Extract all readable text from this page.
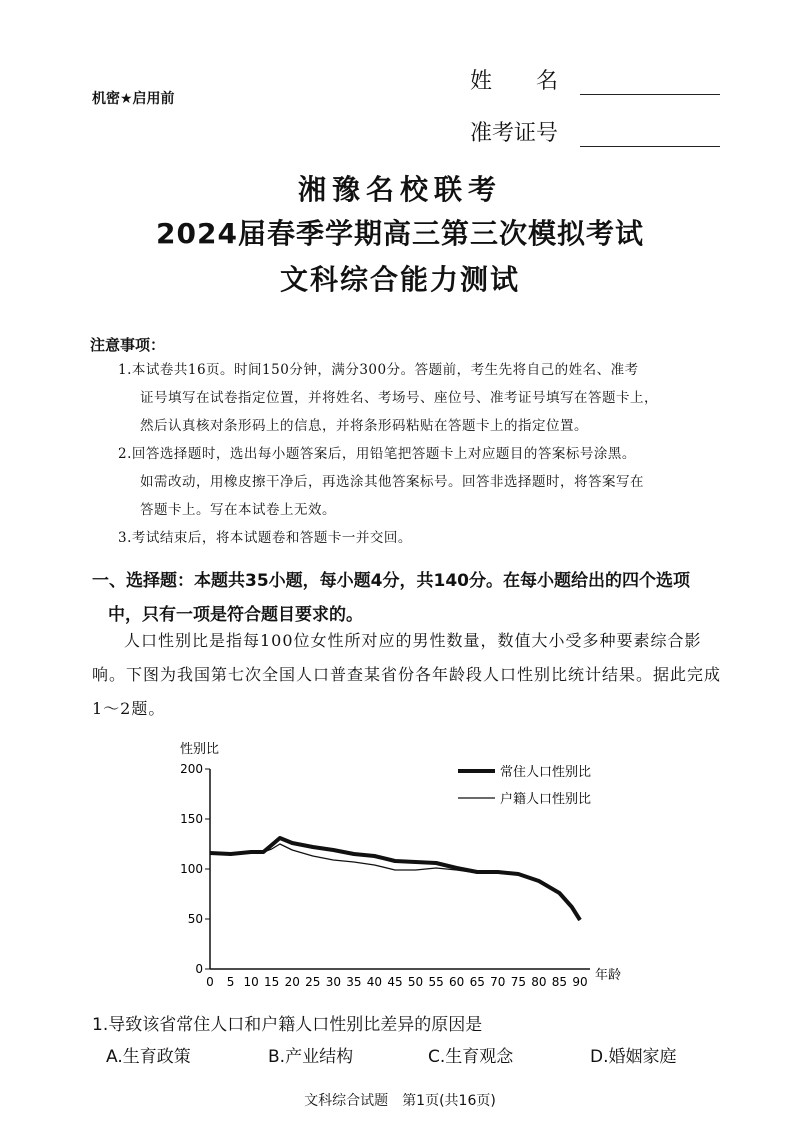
机密★启用前
姓　　名
准考证号
湘豫名校联考
2024届春季学期高三第三次模拟考试
文科综合能力测试
注意事项：
1.本试卷共16页。时间150分钟，满分300分。答题前，考生先将自己的姓名、准考
证号填写在试卷指定位置，并将姓名、考场号、座位号、准考证号填写在答题卡上，
然后认真核对条形码上的信息，并将条形码粘贴在答题卡上的指定位置。
2.回答选择题时，选出每小题答案后，用铅笔把答题卡上对应题目的答案标号涂黑。
如需改动，用橡皮擦干净后，再选涂其他答案标号。回答非选择题时，将答案写在
答题卡上。写在本试卷上无效。
3.考试结束后，将本试题卷和答题卡一并交回。
一、选择题：本题共35小题，每小题4分，共140分。在每小题给出的四个选项
中，只有一项是符合题目要求的。
人口性别比是指每100位女性所对应的男性数量，数值大小受多种要素综合影响。下图为我国第七次全国人口普查某省份各年龄段人口性别比统计结果。据此完成1～2题。
性别比
0
50
100
150
200
0 5 10 15 20 25 30 35 40 45 50 55 60 65 70 75 80 85 90 年龄
常住人口性别比
户籍人口性别比
1.导致该省常住人口和户籍人口性别比差异的原因是
A.生育政策	B.产业结构	C.生育观念	D.婚姻家庭
文科综合试题　第1页(共16页)
